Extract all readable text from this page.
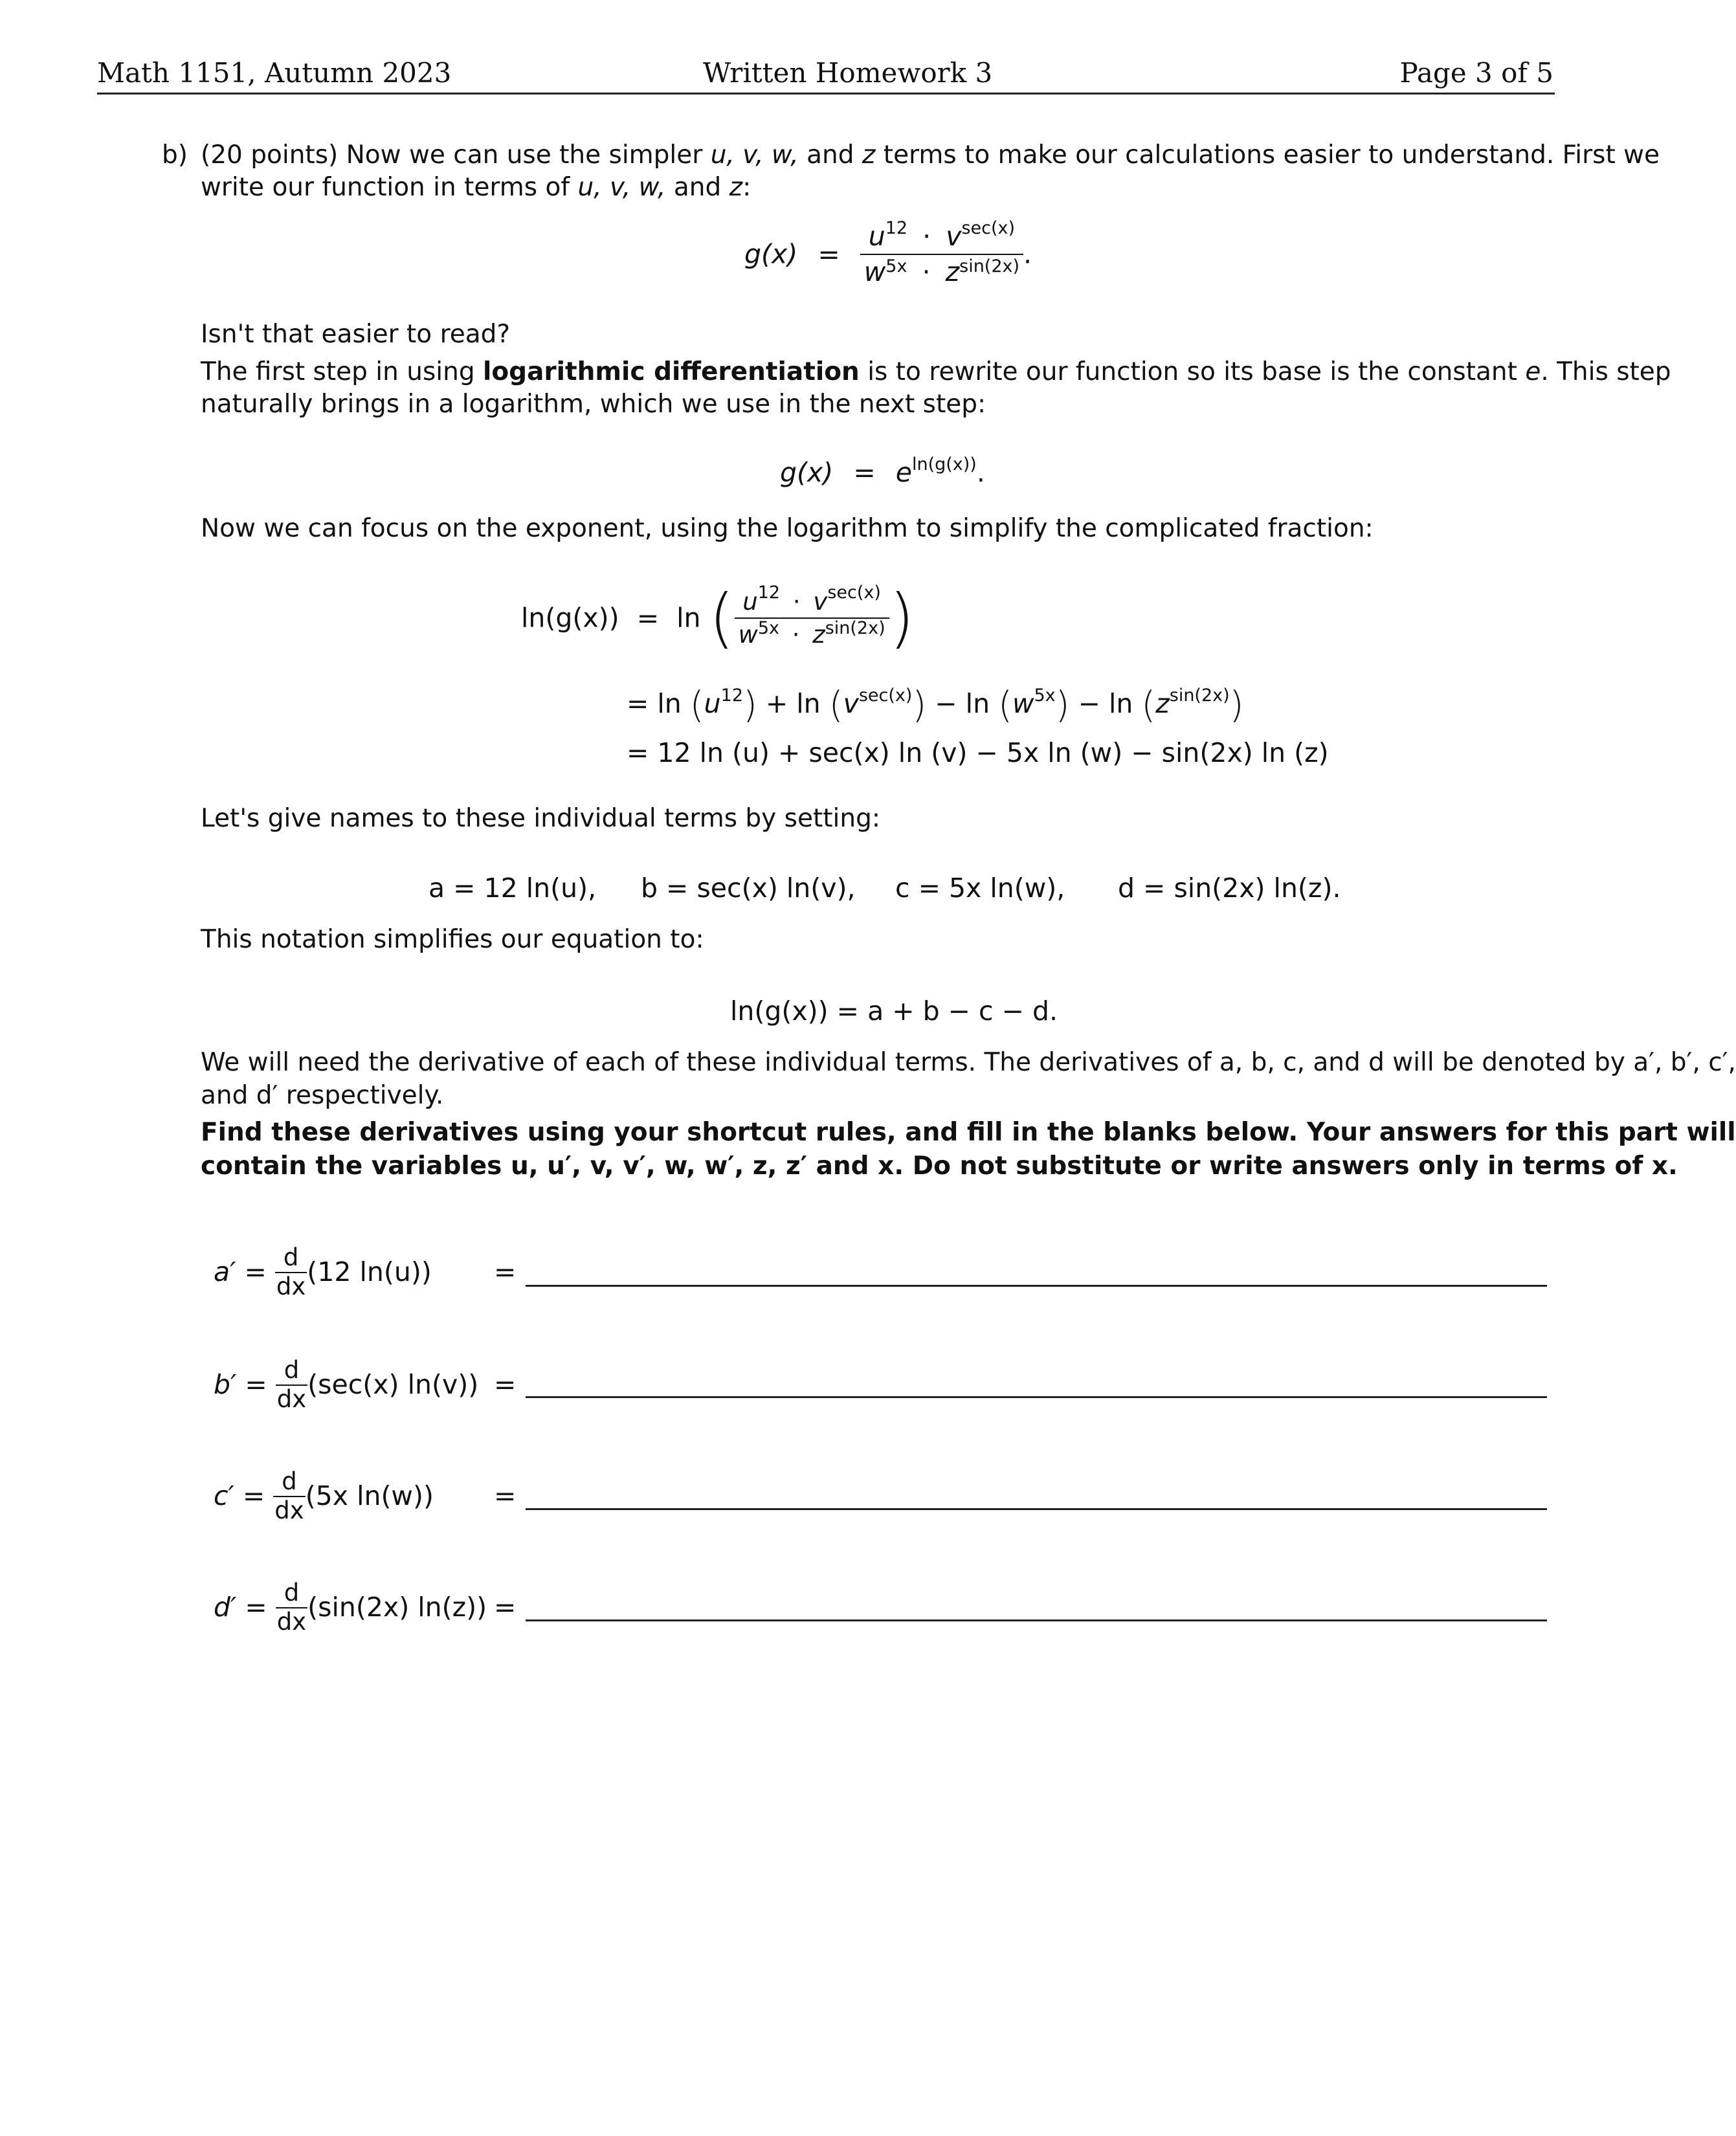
Math 1151, Autumn 2023	Written Homework 3	Page 3 of 5
b) (20 points) Now we can use the simpler u, v, w, and z terms to make our calculations easier to understand. First we
write our function in terms of u, v, w, and z:
$g(x) = \frac{u^{12} \cdot v^{sec(x)}}{w^{5x} \cdot z^{sin(2x)}}$ .
Isn't that easier to read?
The first step in using logarithmic differentiation is to rewrite our function so its base is the constant e. This step
naturally brings in a logarithm, which we use in the next step:
$g(x) = e^{ln(g(x))}$.
Now we can focus on the exponent, using the logarithm to simplify the complicated fraction:
ln(g(x)) = ln ( $\frac{u^{12} \cdot v^{sec(x)}}{w^{5x} \cdot z^{sin(2x)}}$ )
= $\ln (u^{12}) + \ln (v^{sec(x)}) - \ln (w^{5x}) - \ln (z^{sin(2x)})$
= 12 ln (u) + sec(x) ln (v) − 5x ln (w) − sin(2x) ln (z)
Let's give names to these individual terms by setting:
a = 12 ln(u), b = sec(x) ln(v), c = 5x ln(w), d = sin(2x) ln(z).
This notation simplifies our equation to:
ln(g(x)) = a + b − c − d.
We will need the derivative of each of these individual terms. The derivatives of a, b, c, and d will be denoted by a′, b′, c′,
and d′ respectively.
Find these derivatives using your shortcut rules, and fill in the blanks below. Your answers for this part will
contain the variables u, u′, v, v′, w, w′, z, z′ and x. Do not substitute or write answers only in terms of x.
$a' = \frac{d}{dx} (12$ ln(u)) =
$b' = \frac{d}{dx} (\sec(x) \ln(v))$ =
$c' = \frac{d}{dx} (5x$ ln(w)) =
$d' = \frac{d}{dx} (\sin(2x) \ln(z))$ =
